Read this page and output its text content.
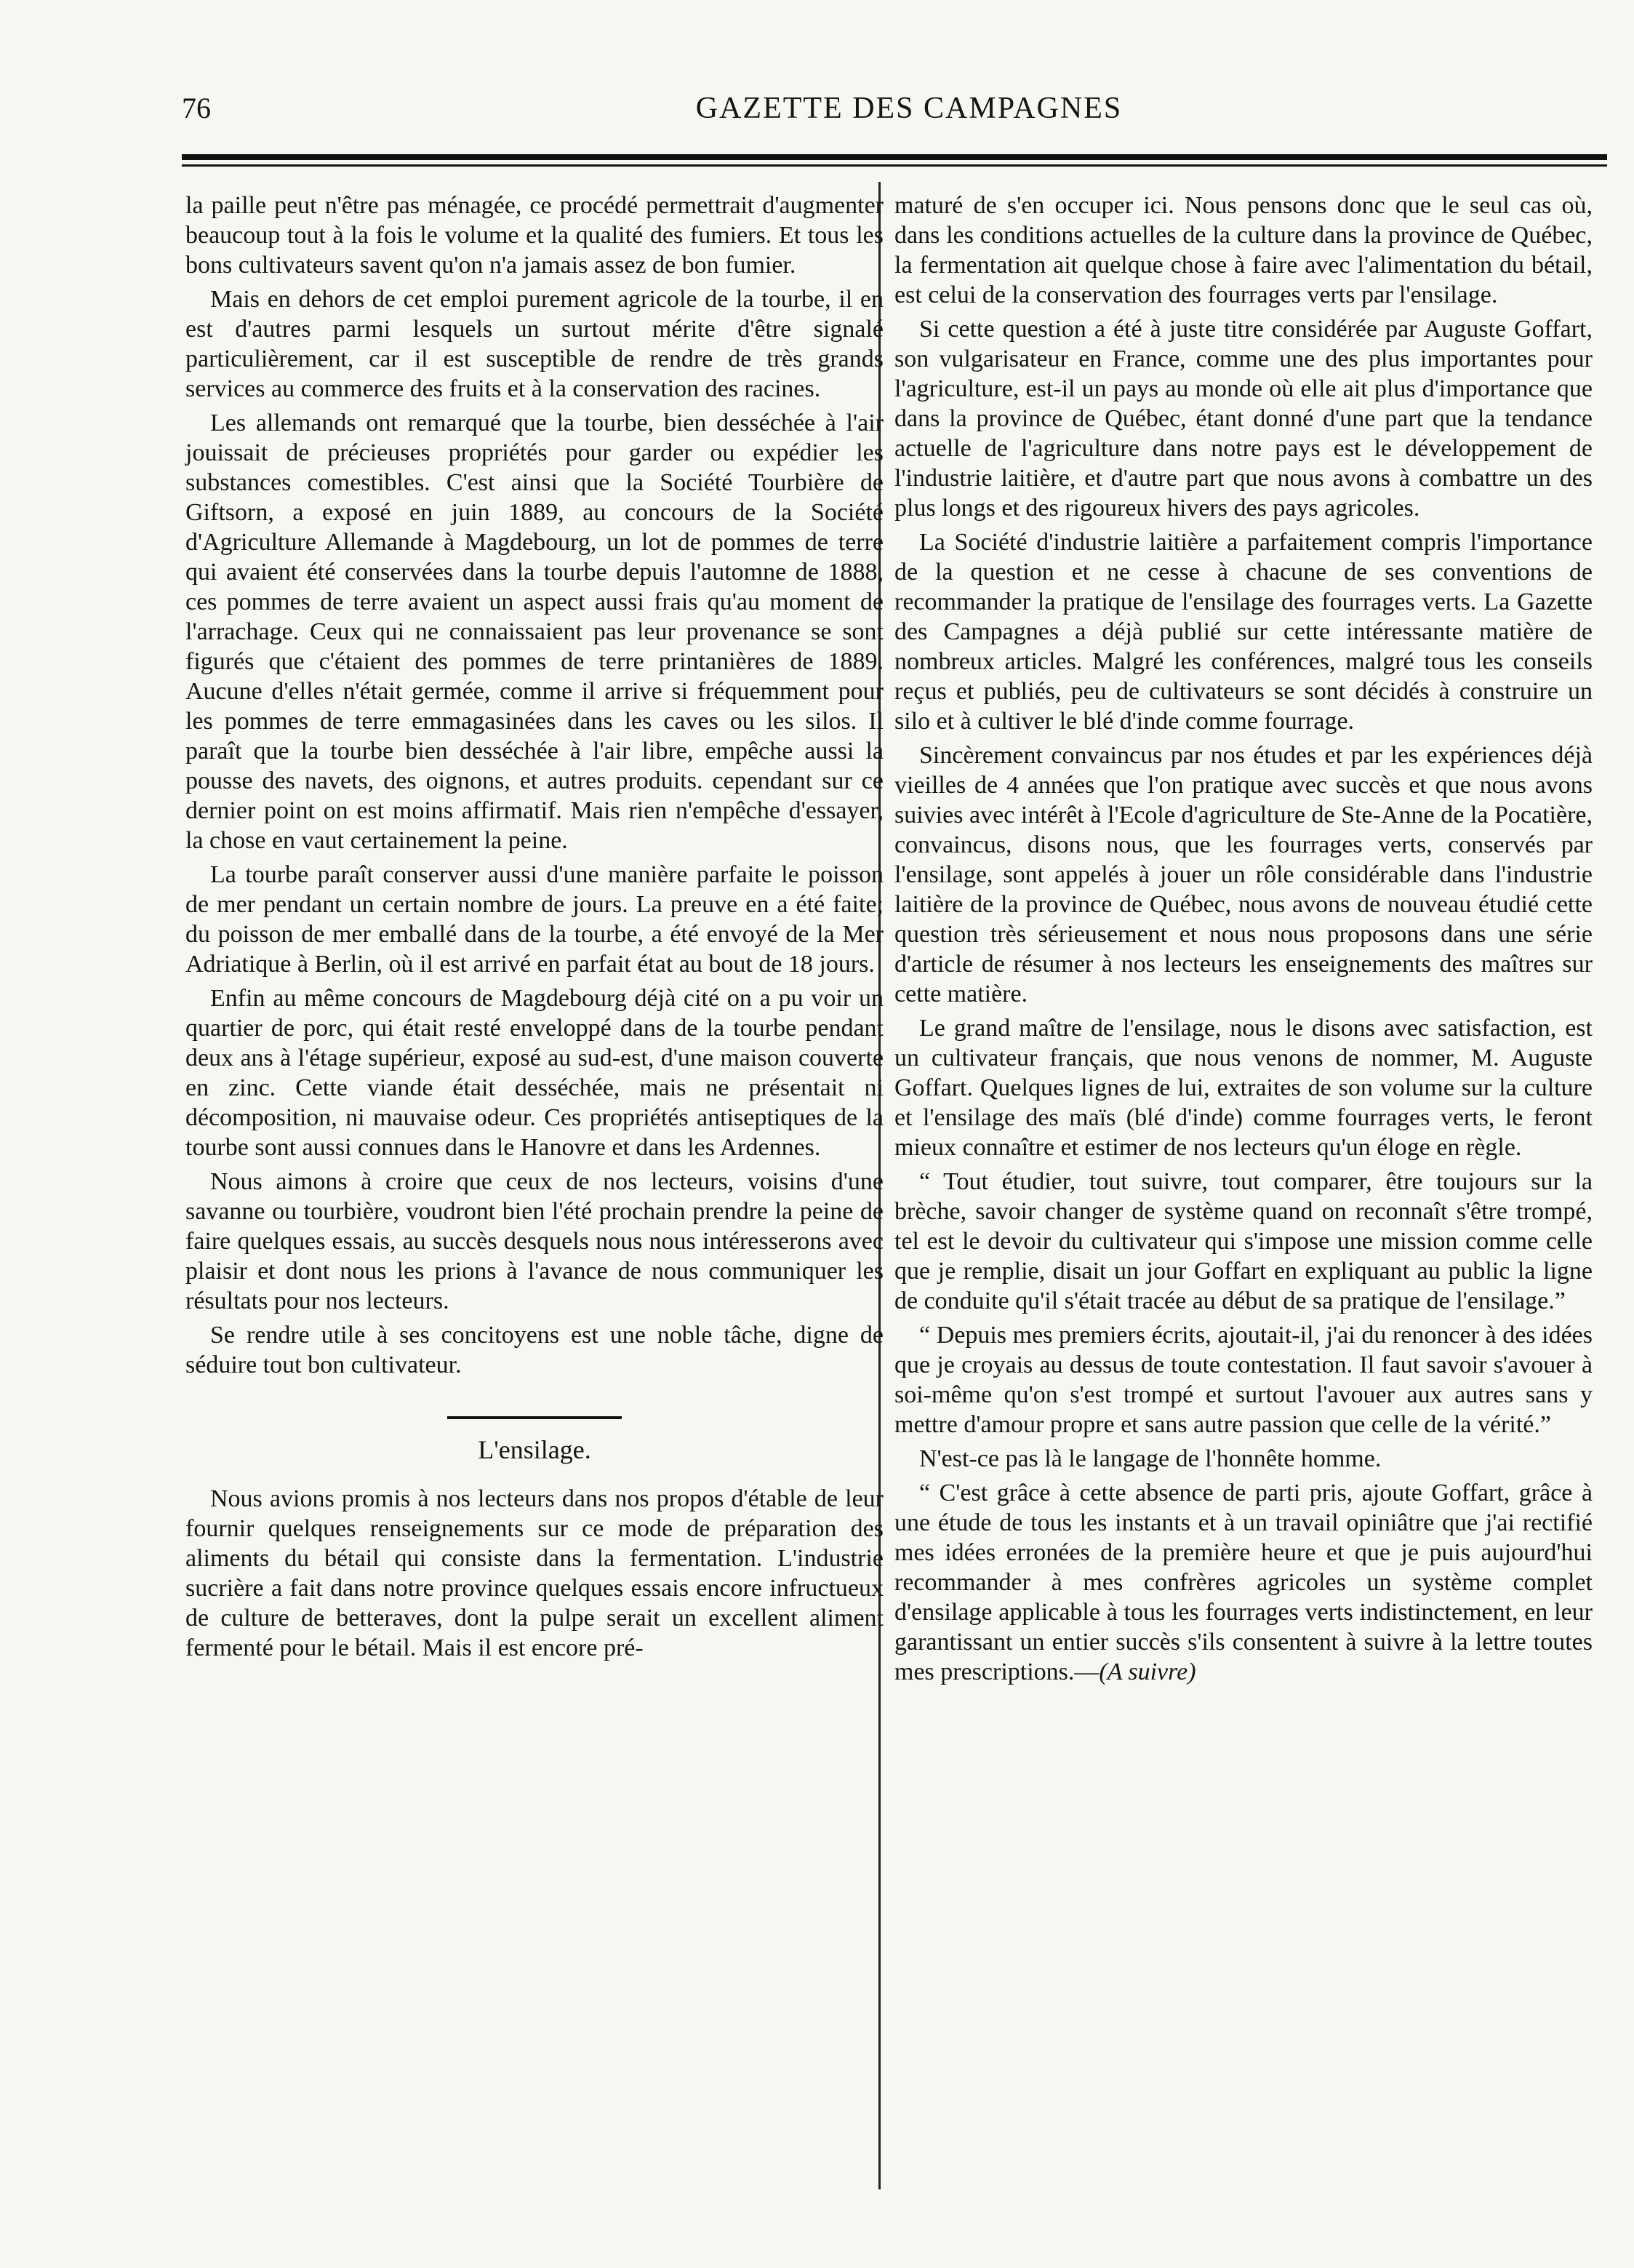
76	GAZETTE DES CAMPAGNES

la paille peut n'être pas ménagée, ce procédé permettrait d'augmenter beaucoup tout à la fois le volume et la qualité des fumiers. Et tous les bons cultivateurs savent qu'on n'a jamais assez de bon fumier.

Mais en dehors de cet emploi purement agricole de la tourbe, il en est d'autres parmi lesquels un surtout mérite d'être signalé particulièrement, car il est susceptible de rendre de très grands services au commerce des fruits et à la conservation des racines.

Les allemands ont remarqué que la tourbe, bien desséchée à l'air jouissait de précieuses propriétés pour garder ou expédier les substances comestibles. C'est ainsi que la Société Tourbière de Giftsorn, a exposé en juin 1889, au concours de la Société d'Agriculture Allemande à Magdebourg, un lot de pommes de terre qui avaient été conservées dans la tourbe depuis l'automne de 1888, ces pommes de terre avaient un aspect aussi frais qu'au moment de l'arrachage. Ceux qui ne connaissaient pas leur provenance se sont figurés que c'étaient des pommes de terre printanières de 1889. Aucune d'elles n'était germée, comme il arrive si fréquemment pour les pommes de terre emmagasinées dans les caves ou les silos. Il paraît que la tourbe bien desséchée à l'air libre, empêche aussi la pousse des navets, des oignons, et autres produits. cependant sur ce dernier point on est moins affirmatif. Mais rien n'empêche d'essayer, la chose en vaut certainement la peine.

La tourbe paraît conserver aussi d'une manière parfaite le poisson de mer pendant un certain nombre de jours. La preuve en a été faite; du poisson de mer emballé dans de la tourbe, a été envoyé de la Mer Adriatique à Berlin, où il est arrivé en parfait état au bout de 18 jours.

Enfin au même concours de Magdebourg déjà cité on a pu voir un quartier de porc, qui était resté enveloppé dans de la tourbe pendant deux ans à l'étage supérieur, exposé au sud-est, d'une maison couverte en zinc. Cette viande était desséchée, mais ne présentait ni décomposition, ni mauvaise odeur. Ces propriétés antiseptiques de la tourbe sont aussi connues dans le Hanovre et dans les Ardennes.

Nous aimons à croire que ceux de nos lecteurs, voisins d'une savanne ou tourbière, voudront bien l'été prochain prendre la peine de faire quelques essais, au succès desquels nous nous intéresserons avec plaisir et dont nous les prions à l'avance de nous communiquer les résultats pour nos lecteurs.

Se rendre utile à ses concitoyens est une noble tâche, digne de séduire tout bon cultivateur.

L'ensilage.

Nous avions promis à nos lecteurs dans nos propos d'étable de leur fournir quelques renseignements sur ce mode de préparation des aliments du bétail qui consiste dans la fermentation. L'industrie sucrière a fait dans notre province quelques essais encore infructueux de culture de betteraves, dont la pulpe serait un excellent aliment fermenté pour le bétail. Mais il est encore pré-

maturé de s'en occuper ici. Nous pensons donc que le seul cas où, dans les conditions actuelles de la culture dans la province de Québec, la fermentation ait quelque chose à faire avec l'alimentation du bétail, est celui de la conservation des fourrages verts par l'ensilage.

Si cette question a été à juste titre considérée par Auguste Goffart, son vulgarisateur en France, comme une des plus importantes pour l'agriculture, est-il un pays au monde où elle ait plus d'importance que dans la province de Québec, étant donné d'une part que la tendance actuelle de l'agriculture dans notre pays est le développement de l'industrie laitière, et d'autre part que nous avons à combattre un des plus longs et des rigoureux hivers des pays agricoles.

La Société d'industrie laitière a parfaitement compris l'importance de la question et ne cesse à chacune de ses conventions de recommander la pratique de l'ensilage des fourrages verts. La Gazette des Campagnes a déjà publié sur cette intéressante matière de nombreux articles. Malgré les conférences, malgré tous les conseils reçus et publiés, peu de cultivateurs se sont décidés à construire un silo et à cultiver le blé d'inde comme fourrage.

Sincèrement convaincus par nos études et par les expériences déjà vieilles de 4 années que l'on pratique avec succès et que nous avons suivies avec intérêt à l'Ecole d'agriculture de Ste-Anne de la Pocatière, convaincus, disons nous, que les fourrages verts, conservés par l'ensilage, sont appelés à jouer un rôle considérable dans l'industrie laitière de la province de Québec, nous avons de nouveau étudié cette question très sérieusement et nous nous proposons dans une série d'article de résumer à nos lecteurs les enseignements des maîtres sur cette matière.

Le grand maître de l'ensilage, nous le disons avec satisfaction, est un cultivateur français, que nous venons de nommer, M. Auguste Goffart. Quelques lignes de lui, extraites de son volume sur la culture et l'ensilage des maïs (blé d'inde) comme fourrages verts, le feront mieux connaître et estimer de nos lecteurs qu'un éloge en règle.

“ Tout étudier, tout suivre, tout comparer, être toujours sur la brèche, savoir changer de système quand on reconnaît s'être trompé, tel est le devoir du cultivateur qui s'impose une mission comme celle que je remplie, disait un jour Goffart en expliquant au public la ligne de conduite qu'il s'était tracée au début de sa pratique de l'ensilage.”

“ Depuis mes premiers écrits, ajoutait-il, j'ai du renoncer à des idées que je croyais au dessus de toute contestation. Il faut savoir s'avouer à soi-même qu'on s'est trompé et surtout l'avouer aux autres sans y mettre d'amour propre et sans autre passion que celle de la vérité.”

N'est-ce pas là le langage de l'honnête homme.

“ C'est grâce à cette absence de parti pris, ajoute Goffart, grâce à une étude de tous les instants et à un travail opiniâtre que j'ai rectifié mes idées erronées de la première heure et que je puis aujourd'hui recommander à mes confrères agricoles un système complet d'ensilage applicable à tous les fourrages verts indistinctement, en leur garantissant un entier succès s'ils consentent à suivre à la lettre toutes mes prescriptions.—(A suivre)
